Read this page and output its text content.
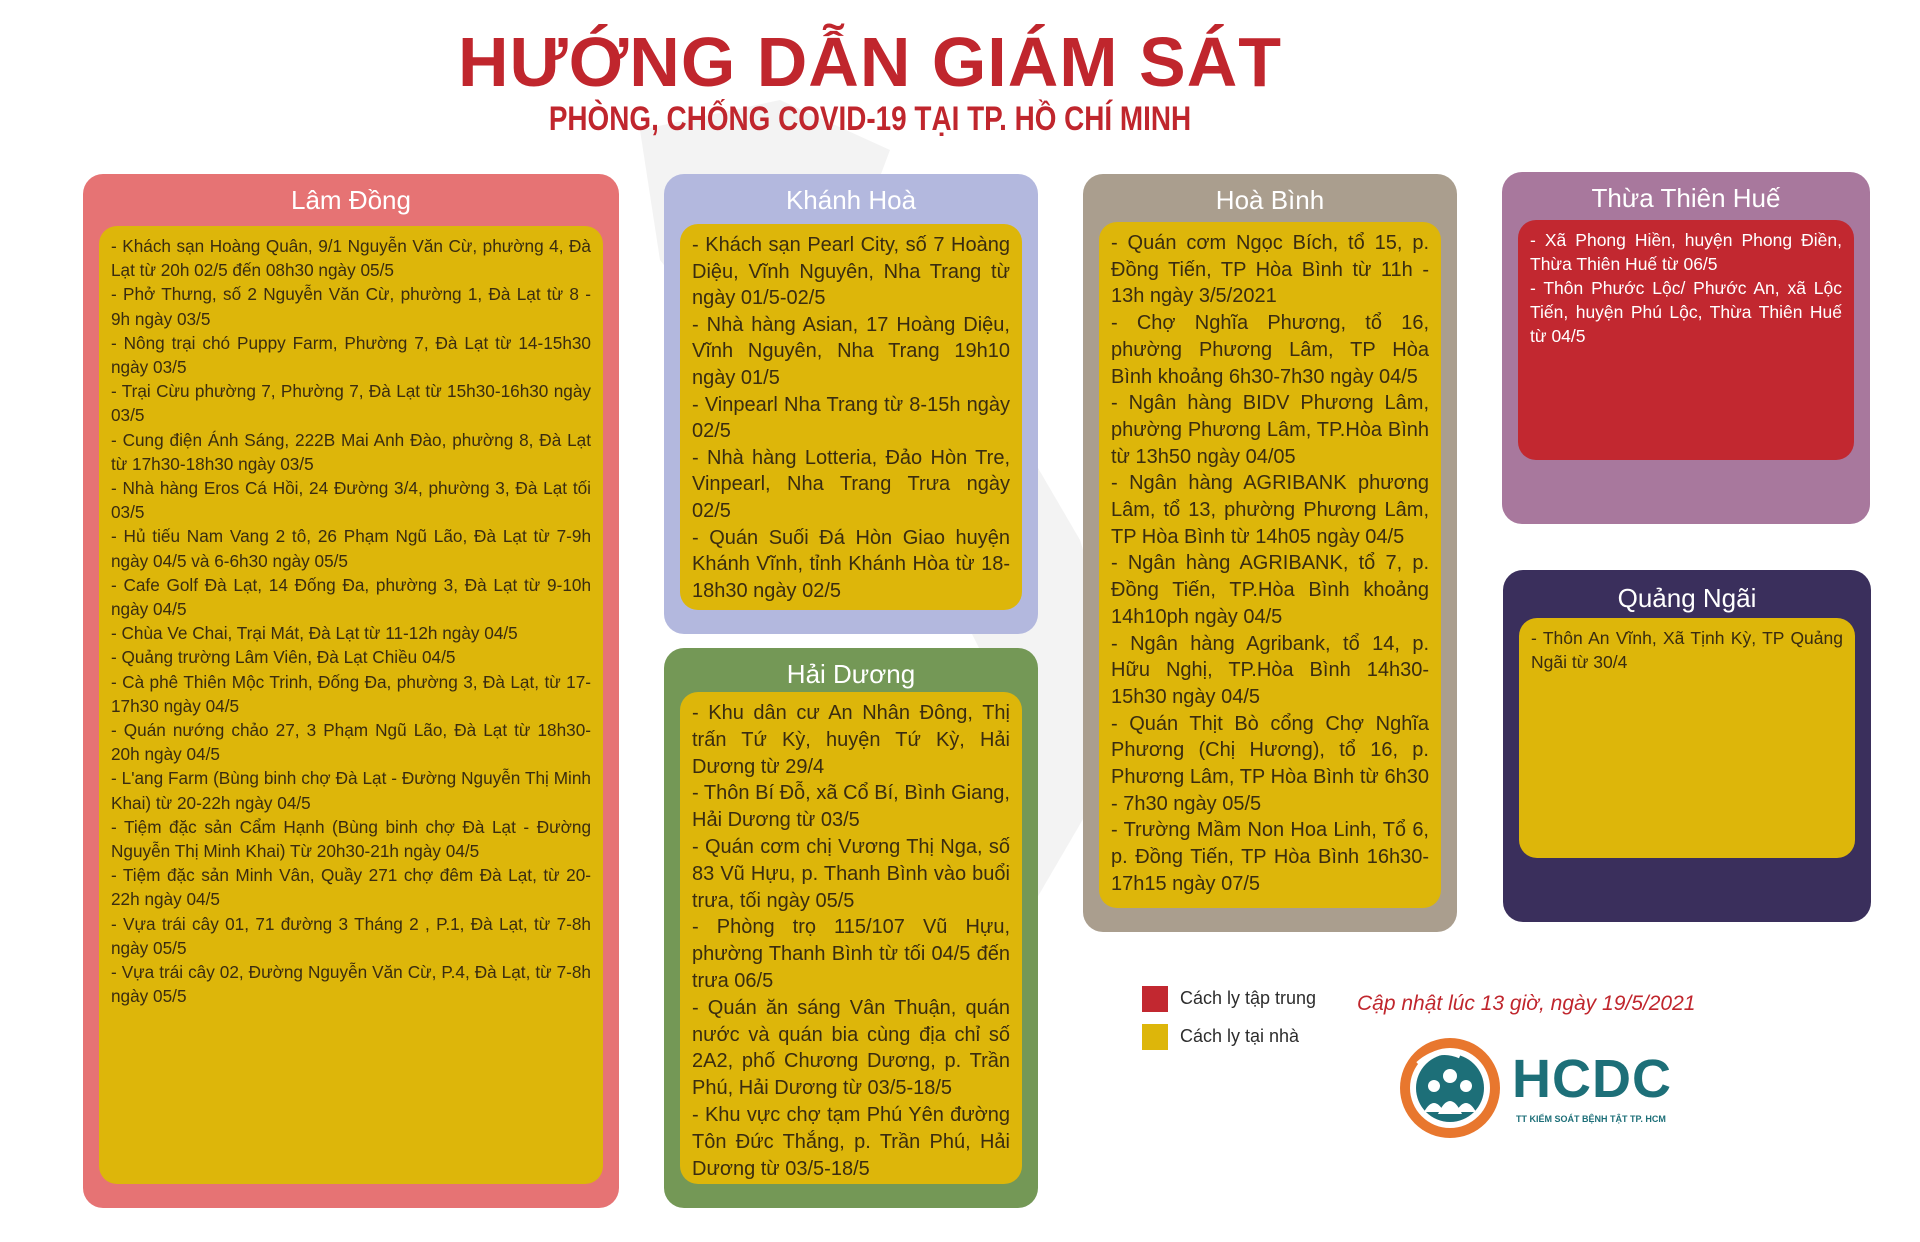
HƯỚNG DẪN GIÁM SÁT
PHÒNG, CHỐNG COVID-19 TẠI TP. HỒ CHÍ MINH
Lâm Đồng

- Khách sạn Hoàng Quân, 9/1 Nguyễn Văn Cừ, phường 4, Đà Lạt từ 20h 02/5 đến 08h30 ngày 05/5

- Phở Thưng, số 2 Nguyễn Văn Cừ, phường 1, Đà Lạt từ 8 - 9h ngày 03/5

- Nông trại chó Puppy Farm, Phường 7, Đà Lạt từ 14-15h30 ngày 03/5

- Trại Cừu phường 7, Phường 7, Đà Lạt từ 15h30-16h30 ngày 03/5

- Cung điện Ánh Sáng, 222B Mai Anh Đào, phường 8, Đà Lạt từ 17h30-18h30 ngày 03/5

- Nhà hàng Eros Cá Hồi, 24 Đường 3/4, phường 3, Đà Lạt tối 03/5

- Hủ tiếu Nam Vang 2 tô, 26 Phạm Ngũ Lão, Đà Lạt từ 7-9h ngày 04/5 và 6-6h30 ngày 05/5

- Cafe Golf Đà Lạt, 14 Đống Đa, phường 3, Đà Lạt từ 9-10h ngày 04/5

- Chùa Ve Chai, Trại Mát, Đà Lạt từ 11-12h ngày 04/5

- Quảng trường Lâm Viên, Đà Lạt Chiều 04/5

- Cà phê Thiên Mộc Trinh, Đống Đa, phường 3, Đà Lạt, từ 17-17h30 ngày 04/5

- Quán nướng chảo 27, 3 Phạm Ngũ Lão, Đà Lạt từ 18h30-20h ngày 04/5

- L'ang Farm (Bùng binh chợ Đà Lạt - Đường Nguyễn Thị Minh Khai) từ 20-22h ngày 04/5

- Tiệm đặc sản Cẩm Hạnh (Bùng binh chợ Đà Lạt - Đường Nguyễn Thị Minh Khai) Từ 20h30-21h ngày 04/5

- Tiệm đặc sản Minh Vân, Quầy 271 chợ đêm Đà Lạt, từ 20-22h ngày 04/5

- Vựa trái cây 01, 71 đường 3 Tháng 2 , P.1, Đà Lạt, từ 7-8h ngày 05/5

- Vựa trái cây 02, Đường Nguyễn Văn Cừ, P.4, Đà Lạt, từ 7-8h ngày 05/5

Khánh Hoà

- Khách sạn Pearl City, số 7 Hoàng Diệu, Vĩnh Nguyên, Nha Trang từ ngày 01/5-02/5

- Nhà hàng Asian, 17 Hoàng Diệu, Vĩnh Nguyên, Nha Trang 19h10 ngày 01/5

- Vinpearl Nha Trang từ 8-15h ngày 02/5

- Nhà hàng Lotteria, Đảo Hòn Tre, Vinpearl, Nha Trang Trưa ngày 02/5

- Quán Suối Đá Hòn Giao huyện Khánh Vĩnh, tỉnh Khánh Hòa từ 18-18h30 ngày 02/5

Hải Dương

- Khu dân cư An Nhân Đông, Thị trấn Tứ Kỳ, huyện Tứ Kỳ, Hải Dương từ 29/4

- Thôn Bí Đỗ, xã Cổ Bí, Bình Giang, Hải Dương từ 03/5

- Quán cơm chị Vương Thị Nga, số 83 Vũ Hựu, p. Thanh Bình vào buổi trưa, tối ngày 05/5

- Phòng trọ 115/107 Vũ Hựu, phường Thanh Bình từ tối 04/5 đến trưa 06/5

- Quán ăn sáng Vân Thuận, quán nước và quán bia cùng địa chỉ số 2A2, phố Chương Dương, p. Trần Phú, Hải Dương từ 03/5-18/5

- Khu vực chợ tạm Phú Yên đường Tôn Đức Thắng, p. Trần Phú, Hải Dương từ 03/5-18/5

Hoà Bình

- Quán cơm Ngọc Bích, tổ 15, p. Đồng Tiến, TP Hòa Bình từ 11h - 13h ngày 3/5/2021

- Chợ Nghĩa Phương, tổ 16, phường Phương Lâm, TP Hòa Bình khoảng 6h30-7h30 ngày 04/5

- Ngân hàng BIDV Phương Lâm, phường Phương Lâm, TP.Hòa Bình từ 13h50 ngày 04/05

- Ngân hàng AGRIBANK phương Lâm, tổ 13, phường Phương Lâm, TP Hòa Bình từ 14h05 ngày 04/5

- Ngân hàng AGRIBANK, tổ 7, p. Đồng Tiến, TP.Hòa Bình khoảng 14h10ph ngày 04/5

- Ngân hàng Agribank, tổ 14, p. Hữu Nghị, TP.Hòa Bình 14h30-15h30 ngày 04/5

- Quán Thịt Bò cổng Chợ Nghĩa Phương (Chị Hương), tổ 16, p. Phương Lâm, TP Hòa Bình từ 6h30 - 7h30 ngày 05/5

- Trường Mầm Non Hoa Linh, Tổ 6, p. Đồng Tiến, TP Hòa Bình 16h30-17h15 ngày 07/5

Thừa Thiên Huế

- Xã Phong Hiền, huyện Phong Điền, Thừa Thiên Huế từ 06/5

- Thôn Phước Lộc/ Phước An, xã Lộc Tiến, huyện Phú Lộc, Thừa Thiên Huế từ 04/5

Quảng Ngãi

- Thôn An Vĩnh, Xã Tịnh Kỳ, TP Quảng Ngãi từ 30/4

Cách ly tập trung
Cách ly tại nhà
Cập nhật lúc 13 giờ, ngày 19/5/2021
HCDC
TT KIỂM SOÁT BỆNH TẬT TP. HCM
